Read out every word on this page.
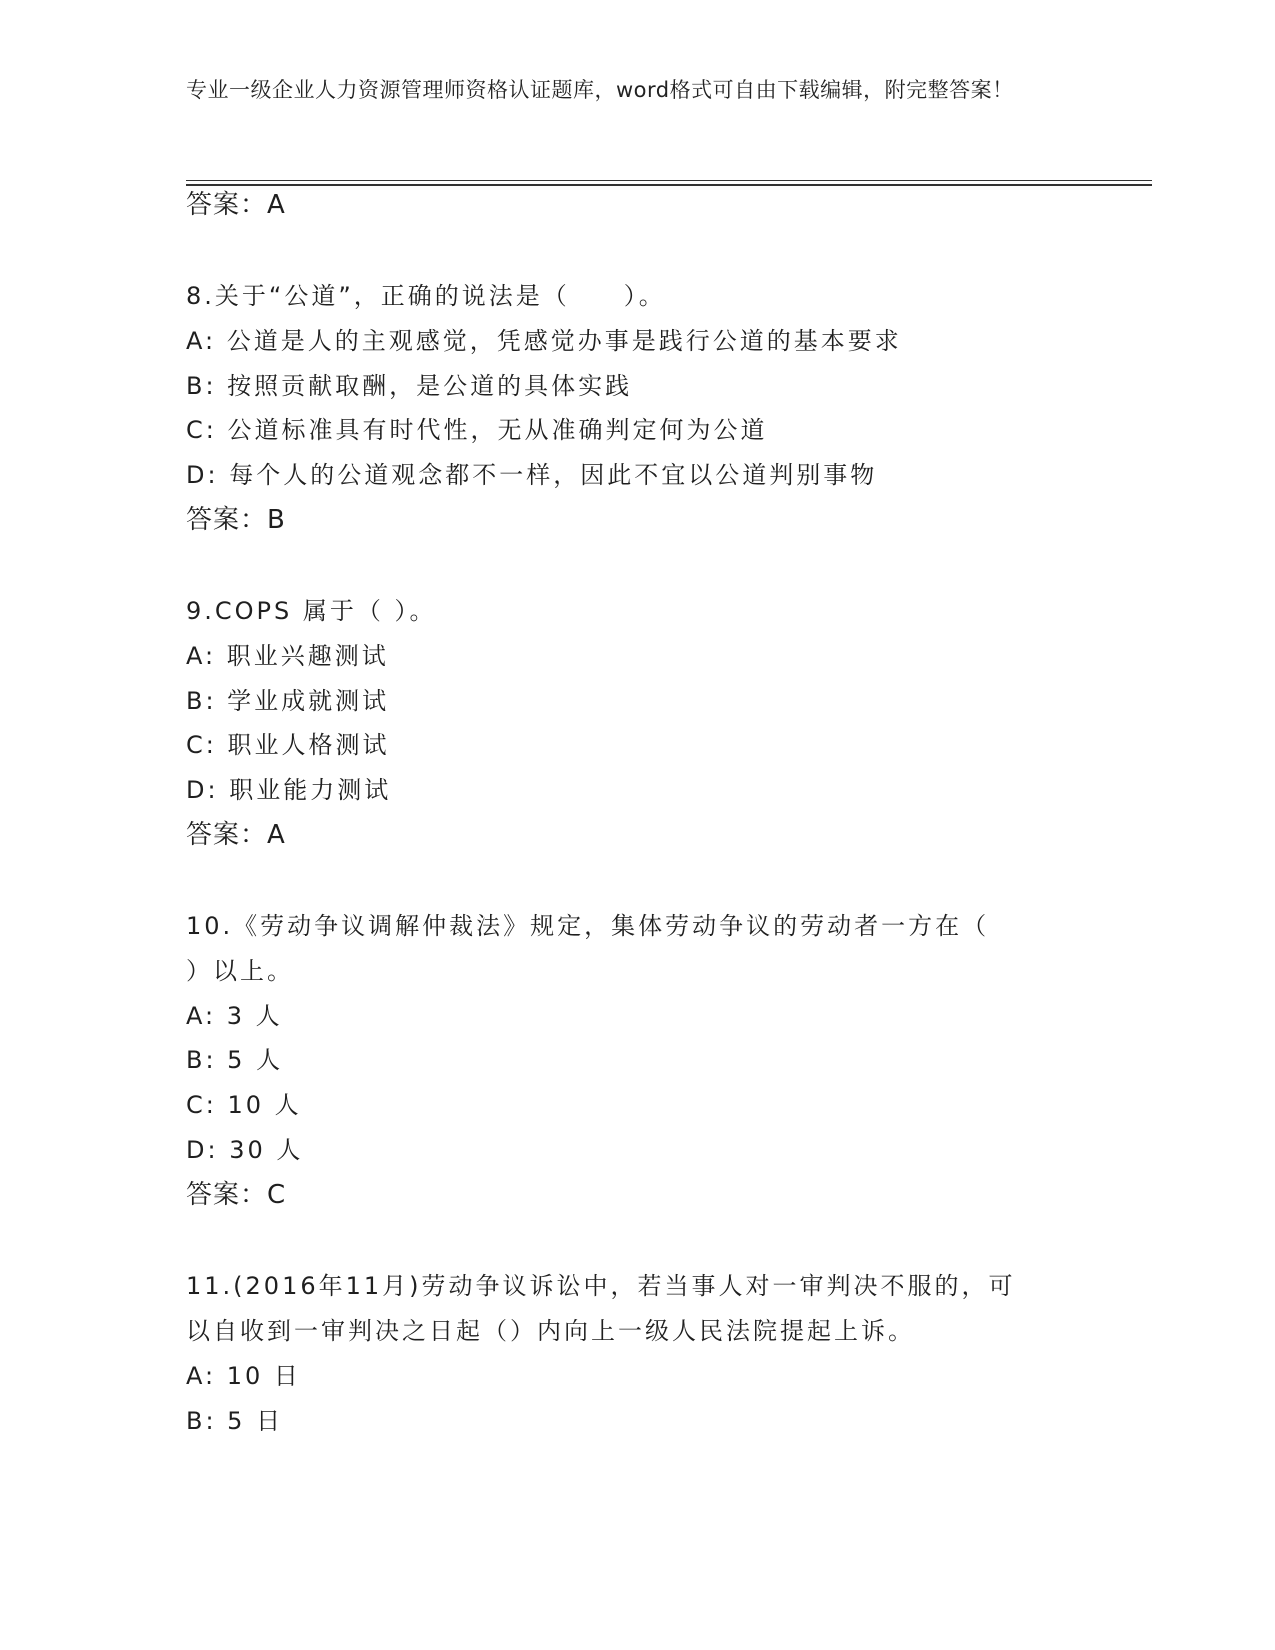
专业一级企业人力资源管理师资格认证题库，word格式可自由下载编辑，附完整答案！
答案：A
8.关于“公道”，正确的说法是（　　）。
A: 公道是人的主观感觉，凭感觉办事是践行公道的基本要求
B: 按照贡献取酬，是公道的具体实践
C: 公道标准具有时代性，无从准确判定何为公道
D: 每个人的公道观念都不一样，因此不宜以公道判别事物
答案：B
9.COPS 属于（ ）。
A: 职业兴趣测试
B: 学业成就测试
C: 职业人格测试
D: 职业能力测试
答案：A
10.《劳动争议调解仲裁法》规定，集体劳动争议的劳动者一方在（
）以上。
A: 3 人
B: 5 人
C: 10 人
D: 30 人
答案：C
11.(2016年11月)劳动争议诉讼中，若当事人对一审判决不服的，可
以自收到一审判决之日起（）内向上一级人民法院提起上诉。
A: 10 日
B: 5 日
